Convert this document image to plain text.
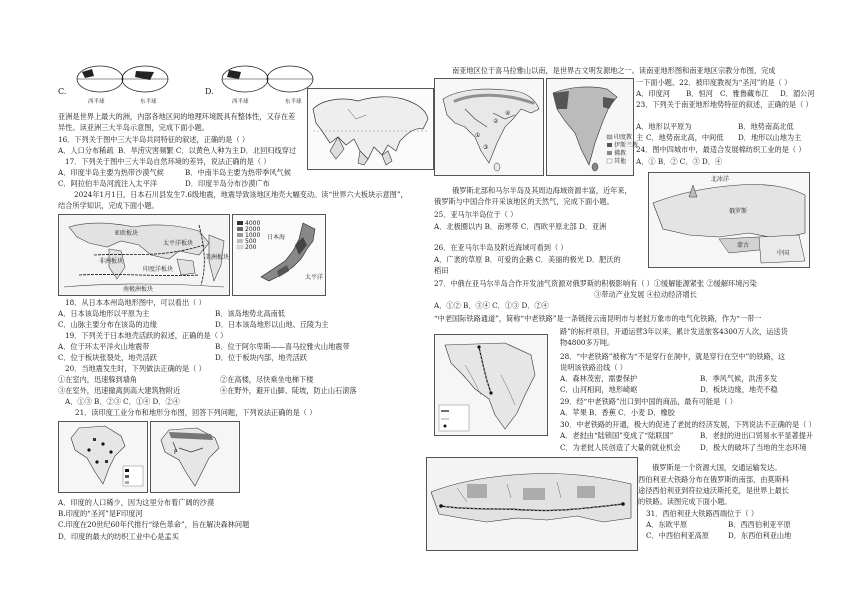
C.
西半球	东半球
D.
西半球	东半球
亚洲是世界上最大的洲，内部各地区间的地理环境既具有整体性，又存在差
异性。读亚洲三大半岛示意图，完成下面小题。
16．下列关于图中三大半岛共同特征的叙述，正确的是（ ）
A．人口分布稀疏 B．旱涝灾害频繁 C．以黄色人种为主 D．北回归线穿过
17．下列关于图中三大半岛自然环境的差异，说法正确的是（ ）
A．印度半岛主要为热带沙漠气候	B．中南半岛主要为热带季风气候
C．阿拉伯半岛河流注入太平洋	D．印度半岛分布沙漠广布
2024年1月1日，日本石川县发生7.6级地震，地震导致该地区地壳大幅变动。读“世界六大板块示意图”，
结合所学知识，完成下面小题。
亚欧板块
太平洋板块
非洲板块
美洲板块
印度洋板块
南极洲板块
4000
2000
1000
500
200
日本海
太平洋
18．从日本本州岛地形图中，可以看出（ ）
A．日本该岛地形以平原为主	B．该岛地势北高南低
C．山脉主要分布在该岛的边缘	D．日本该岛地形以山地、丘陵为主
19．下列关于日本地壳活跃的叙述，正确的是（ ）
A．位于环太平洋火山地震带	B．位于阿尔卑斯——喜马拉雅火山地震带
C．位于板块张裂处，地壳活跃	D．位于板块内部，地壳活跃
20．当地震发生时，下列做法正确的是（ ）
①在室内，迅速躲到墙角	②在高楼，尽快乘坐电梯下楼
③在室外，迅速撤离到高大建筑物附近	④在野外，避开山脚、陡坡，防止山石滚落
A．①③ B．②③ C．①④ D．②④
21．读印度工业分布和地形分布图，回答下列问题，下列说法正确的是（ ）
F
A．印度的人口稀少，因为这里分布着广阔的沙漠
B.印度的“圣河”是F印度河
C.印度在20世纪60年代推行“绿色革命”，旨在解决森林问题
D．印度的最大的纺织工业中心是孟买
南亚地区位于喜马拉雅山以南，是世界古文明发源地之一。读南亚地形图和南亚地区宗教分布图，完成
①
②
③
④
印度教
伊斯兰教
佛教
其他
俄罗斯北部和马尔半岛及其周边海域资源丰富，近年来，
俄罗斯与中国合作开采该地区的天然气，完成下面小题。
25．亚马尔半岛位于（ ）
A．北极圈以内 B．南寒带 C．西欧平原北部 D．亚洲
26．在亚马尔半岛及附近海域可看到（ ）
A．广袤的草原 B．可爱的企鹅 C．美丽的极光 D．肥沃的
稻田
27．中俄在亚马尔半岛合作开发油气资源对俄罗斯的积极影响有（ ）①缓解能源紧张 ②缓解环境污染
③带动产业发展 ④拉动经济增长
A．①② B．③④ C．①③ D．②④
“中老国际铁路通道”，简称“中老铁路”是一条链接云南昆明市与老挝万象市的电气化铁路，作为“一带一
路”的标杆项目，开通运营3年以来，累计发送旅客4300万人次，运送货
物4800多万吨。
28．“中老铁路”被称为“不是穿行在洞中，就是穿行在空中”的铁路，这
说明该铁路沿线（ ）
A．森林茂密，需要保护	B．季风气候，洪涝多发
C．山河相间，地形崎岖	D．板块边缘，地壳不稳
29．经“中老铁路”出口到中国的商品，最有可能是（ ）
A．苹果 B．香蕉 C．小麦 D．橡胶
30．中老铁路的开通，极大的促进了老挝的经济发展，下列说法不正确的是（ ）
A．老挝由“陆锁国”变成了“陆联国”	B．老挝的进出口贸易水平显著提升
C．为老挝人民创造了大量的就业机会	D．极大的破坏了当地的生态环境
俄罗斯是一个资源大国，交通运输发达。
西伯利亚大铁路分布在俄罗斯的南部，由莫斯科
途径西伯利亚到符拉迪沃斯托克，是世界上最长
的铁路。读图完成下面小题。
31．西伯利亚大铁路西端位于（ ）
A．东欧平原	B．西西伯利亚平原
C．中西伯利亚高原	D．东西伯利亚山地
一下面小题。22．被印度教视为“圣河”的是（ ）
A．印度河 B．恒河 C．雅鲁藏布江 D．湄公河
23．下列关于南亚地形地势特征的叙述，正确的是（ ）
A．地形以平原为	B．地势南高北低
主 C．地势南北高，中间低 D．地形以山地为主
24．图中四城市中，最适合发展棉纺织工业的是（ ）
A．① B．② C．③ D．④
北冰洋
俄罗斯
蒙古
中国
